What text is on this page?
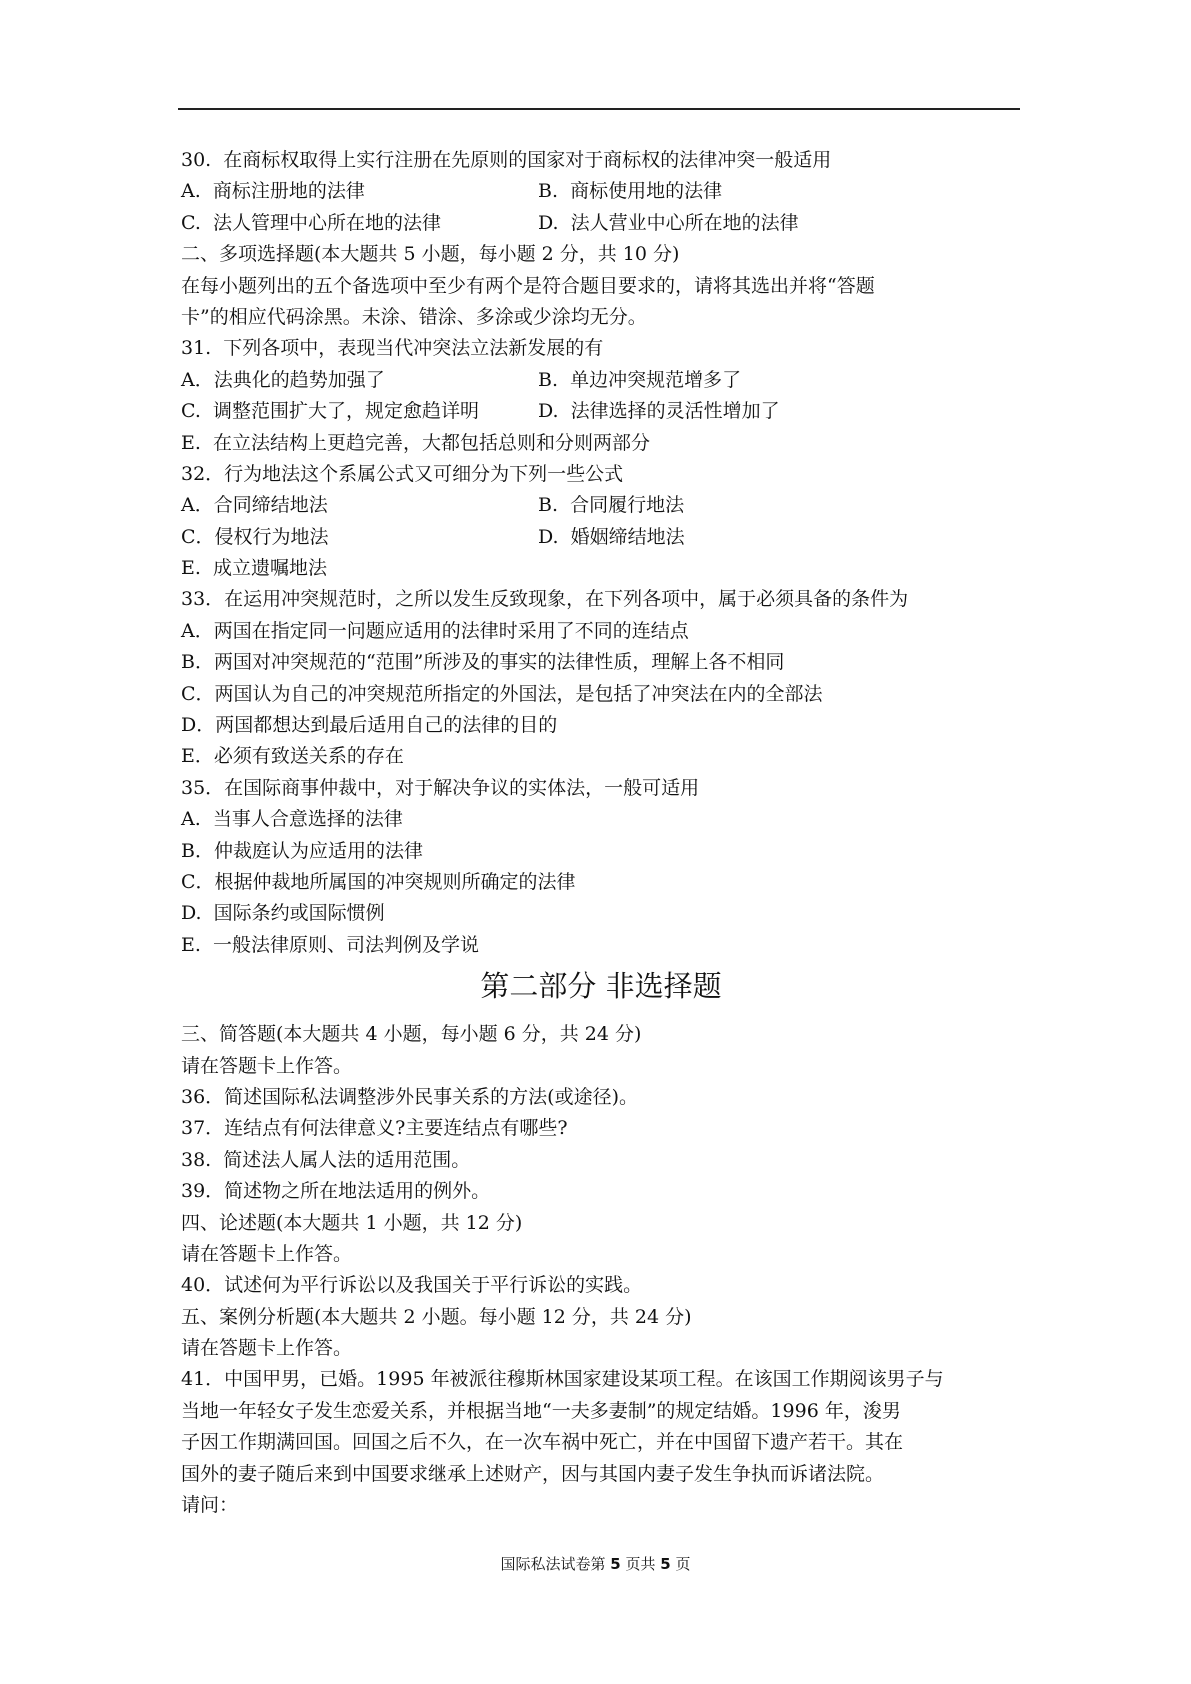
30.  在商标权取得上实行注册在先原则的国家对于商标权的法律冲突一般适用
A.  商标注册地的法律	B.  商标使用地的法律
C.  法人管理中心所在地的法律	D.  法人营业中心所在地的法律
二、多项选择题(本大题共 5 小题，每小题 2 分，共 10 分)
在每小题列出的五个备选项中至少有两个是符合题目要求的，请将其选出并将“答题
卡”的相应代码涂黑。未涂、错涂、多涂或少涂均无分。
31.  下列各项中，表现当代冲突法立法新发展的有
A．法典化的趋势加强了	B.  单边冲突规范增多了
C.  调整范围扩大了，规定愈趋详明	D.  法律选择的灵活性增加了
E.  在立法结构上更趋完善，大都包括总则和分则两部分
32．行为地法这个系属公式又可细分为下列一些公式
A．合同缔结地法	B.  合同履行地法
C．侵权行为地法	D.  婚姻缔结地法
E.  成立遗嘱地法
33．在运用冲突规范时，之所以发生反致现象，在下列各项中，属于必须具备的条件为
A．两国在指定同一问题应适用的法律时采用了不同的连结点
B．两国对冲突规范的“范围”所涉及的事实的法律性质，理解上各不相同
C．两国认为自己的冲突规范所指定的外国法，是包括了冲突法在内的全部法
D．两国都想达到最后适用自己的法律的目的
E．必须有致送关系的存在
35．在国际商事仲裁中，对于解决争议的实体法，一般可适用
A.  当事人合意选择的法律
B．仲裁庭认为应适用的法律
C．根据仲裁地所属国的冲突规则所确定的法律
D.  国际条约或国际惯例
E.  一般法律原则、司法判例及学说
第二部分 非选择题
三、简答题(本大题共 4 小题，每小题 6 分，共 24 分)
请在答题卡上作答。
36．简述国际私法调整涉外民事关系的方法(或途径)。
37．连结点有何法律意义?主要连结点有哪些?
38.  简述法人属人法的适用范围。
39．简述物之所在地法适用的例外。
四、论述题(本大题共 1 小题，共 12 分)
请在答题卡上作答。
40．试述何为平行诉讼以及我国关于平行诉讼的实践。
五、案例分析题(本大题共 2 小题。每小题 12 分，共 24 分)
请在答题卡上作答。
41．中国甲男，已婚。1995 年被派往穆斯林国家建设某项工程。在该国工作期阅该男子与
当地一年轻女子发生恋爱关系，并根据当地“一夫多妻制”的规定结婚。1996 年，浚男
子因工作期满回国。回国之后不久，在一次车祸中死亡，并在中国留下遗产若干。其在
国外的妻子随后来到中国要求继承上述财产，因与其国内妻子发生争执而诉诸法院。
请问：
国际私法试卷第 5 页共 5 页
